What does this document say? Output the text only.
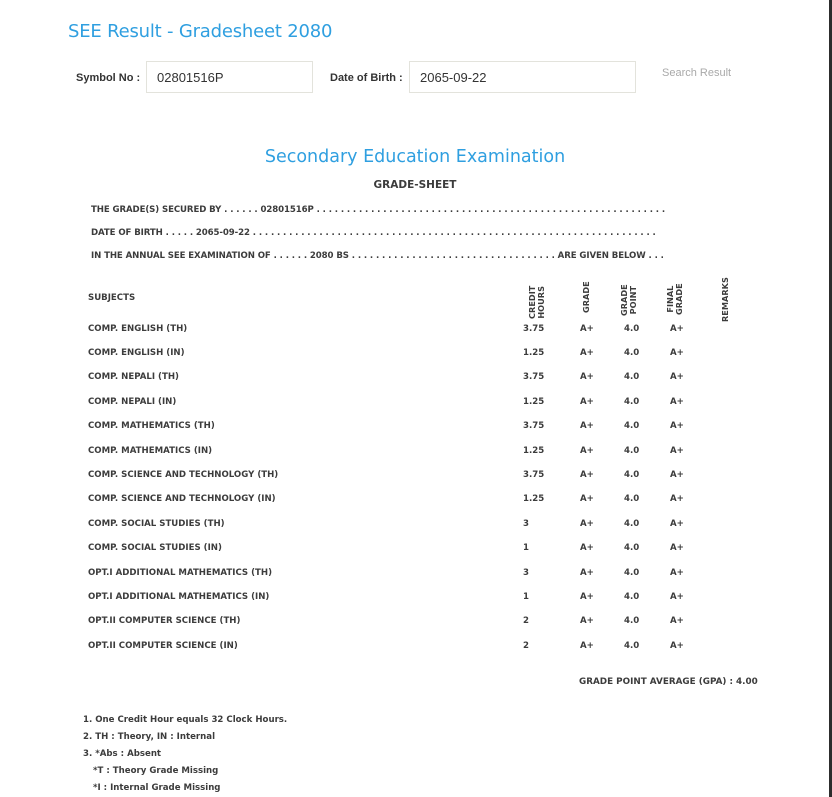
SEE Result - Gradesheet 2080
Symbol No :
02801516P	Date of Birth :
2065-09-22	Search Result
Secondary Education Examination
GRADE-SHEET
THE GRADE(S) SECURED BY . . . . . . 02801516P . . . . . . . . . . . . . . . . . . . . . . . . . . . . . . . . . . . . . . . . . . . . . . . . . . . . . . . . . .
DATE OF BIRTH . . . . . 2065-09-22 . . . . . . . . . . . . . . . . . . . . . . . . . . . . . . . . . . . . . . . . . . . . . . . . . . . . . . . . . . . . . . . . . . .
IN THE ANNUAL SEE EXAMINATION OF . . . . . . 2080 BS . . . . . . . . . . . . . . . . . . . . . . . . . . . . . . . . . . ARE GIVEN BELOW . . .
SUBJECTS	CREDIT HOURS	GRADE	GRADE POINT	FINAL GRADE	REMARKS
COMP. ENGLISH (TH)	3.75	A+	4.0	A+
COMP. ENGLISH (IN)	1.25	A+	4.0	A+
COMP. NEPALI (TH)	3.75	A+	4.0	A+
COMP. NEPALI (IN)	1.25	A+	4.0	A+
COMP. MATHEMATICS (TH)	3.75	A+	4.0	A+
COMP. MATHEMATICS (IN)	1.25	A+	4.0	A+
COMP. SCIENCE AND TECHNOLOGY (TH)	3.75	A+	4.0	A+
COMP. SCIENCE AND TECHNOLOGY (IN)	1.25	A+	4.0	A+
COMP. SOCIAL STUDIES (TH)	3	A+	4.0	A+
COMP. SOCIAL STUDIES (IN)	1	A+	4.0	A+
OPT.I ADDITIONAL MATHEMATICS (TH)	3	A+	4.0	A+
OPT.I ADDITIONAL MATHEMATICS (IN)	1	A+	4.0	A+
OPT.II COMPUTER SCIENCE (TH)	2	A+	4.0	A+
OPT.II COMPUTER SCIENCE (IN)	2	A+	4.0	A+
GRADE POINT AVERAGE (GPA) : 4.00
1. One Credit Hour equals 32 Clock Hours.
2. TH : Theory, IN : Internal
3. *Abs : Absent
*T : Theory Grade Missing
*I : Internal Grade Missing
